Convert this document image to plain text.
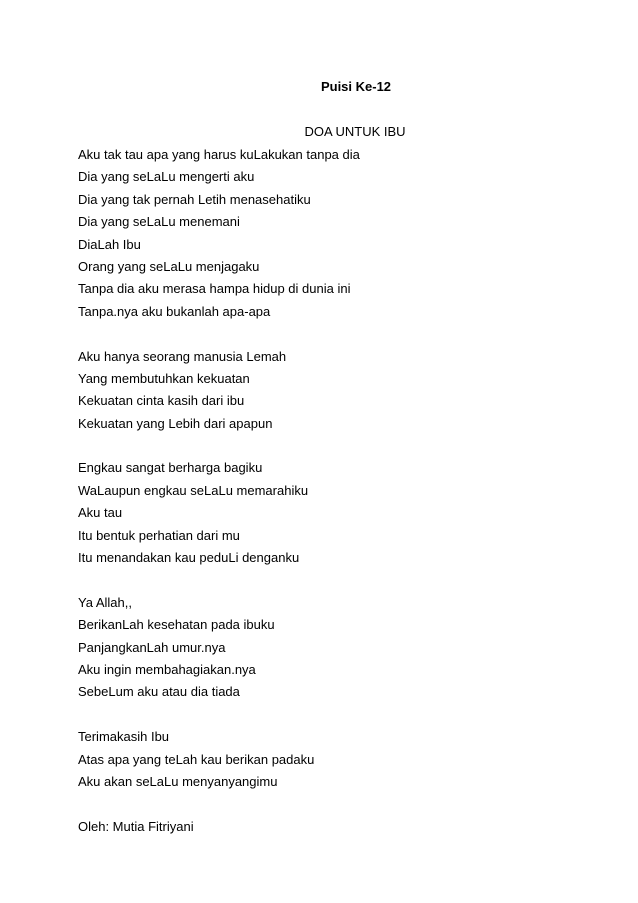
Puisi Ke-12
DOA UNTUK IBU
Aku tak tau apa yang harus kuLakukan tanpa dia
Dia yang seLaLu mengerti aku
Dia yang tak pernah Letih menasehatiku
Dia yang seLaLu menemani
DiaLah Ibu
Orang yang seLaLu menjagaku
Tanpa dia aku merasa hampa hidup di dunia ini
Tanpa.nya aku bukanlah apa-apa
Aku hanya seorang manusia Lemah
Yang membutuhkan kekuatan
Kekuatan cinta kasih dari ibu
Kekuatan yang Lebih dari apapun
Engkau sangat berharga bagiku
WaLaupun engkau seLaLu memarahiku
Aku tau
Itu bentuk perhatian dari mu
Itu menandakan kau peduLi denganku
Ya Allah,,
BerikanLah kesehatan pada ibuku
PanjangkanLah umur.nya
Aku ingin membahagiakan.nya
SebeLum aku atau dia tiada
Terimakasih Ibu
Atas apa yang teLah kau berikan padaku
Aku akan seLaLu menyanyangimu
Oleh: Mutia Fitriyani
